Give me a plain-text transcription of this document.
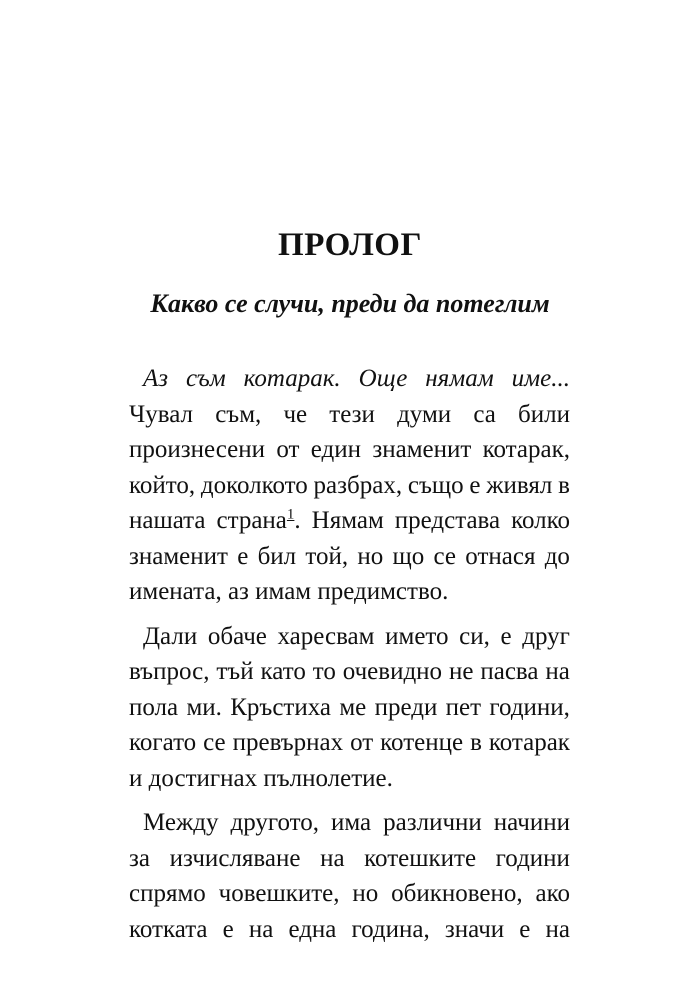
ПРОЛОГ
Какво се случи, преди да потеглим
Аз съм котарак. Още нямам име...
Чувал съм, че тези думи са били
произнесени от един знаменит котарак,
който, доколкото разбрах, също е живял в
нашата страна$^1$. Нямам представа колко
знаменит е бил той, но що се отнася до
имената, аз имам предимство.
Дали обаче харесвам името си, е друг
въпрос, тъй като то очевидно не пасва на
пола ми. Кръстиха ме преди пет години,
когато се превърнах от котенце в котарак
и достигнах пълнолетие.
Между другото, има различни начини
за изчисляване на котешките години
спрямо човешките, но обикновено, ако
котката е на една година, значи е на
